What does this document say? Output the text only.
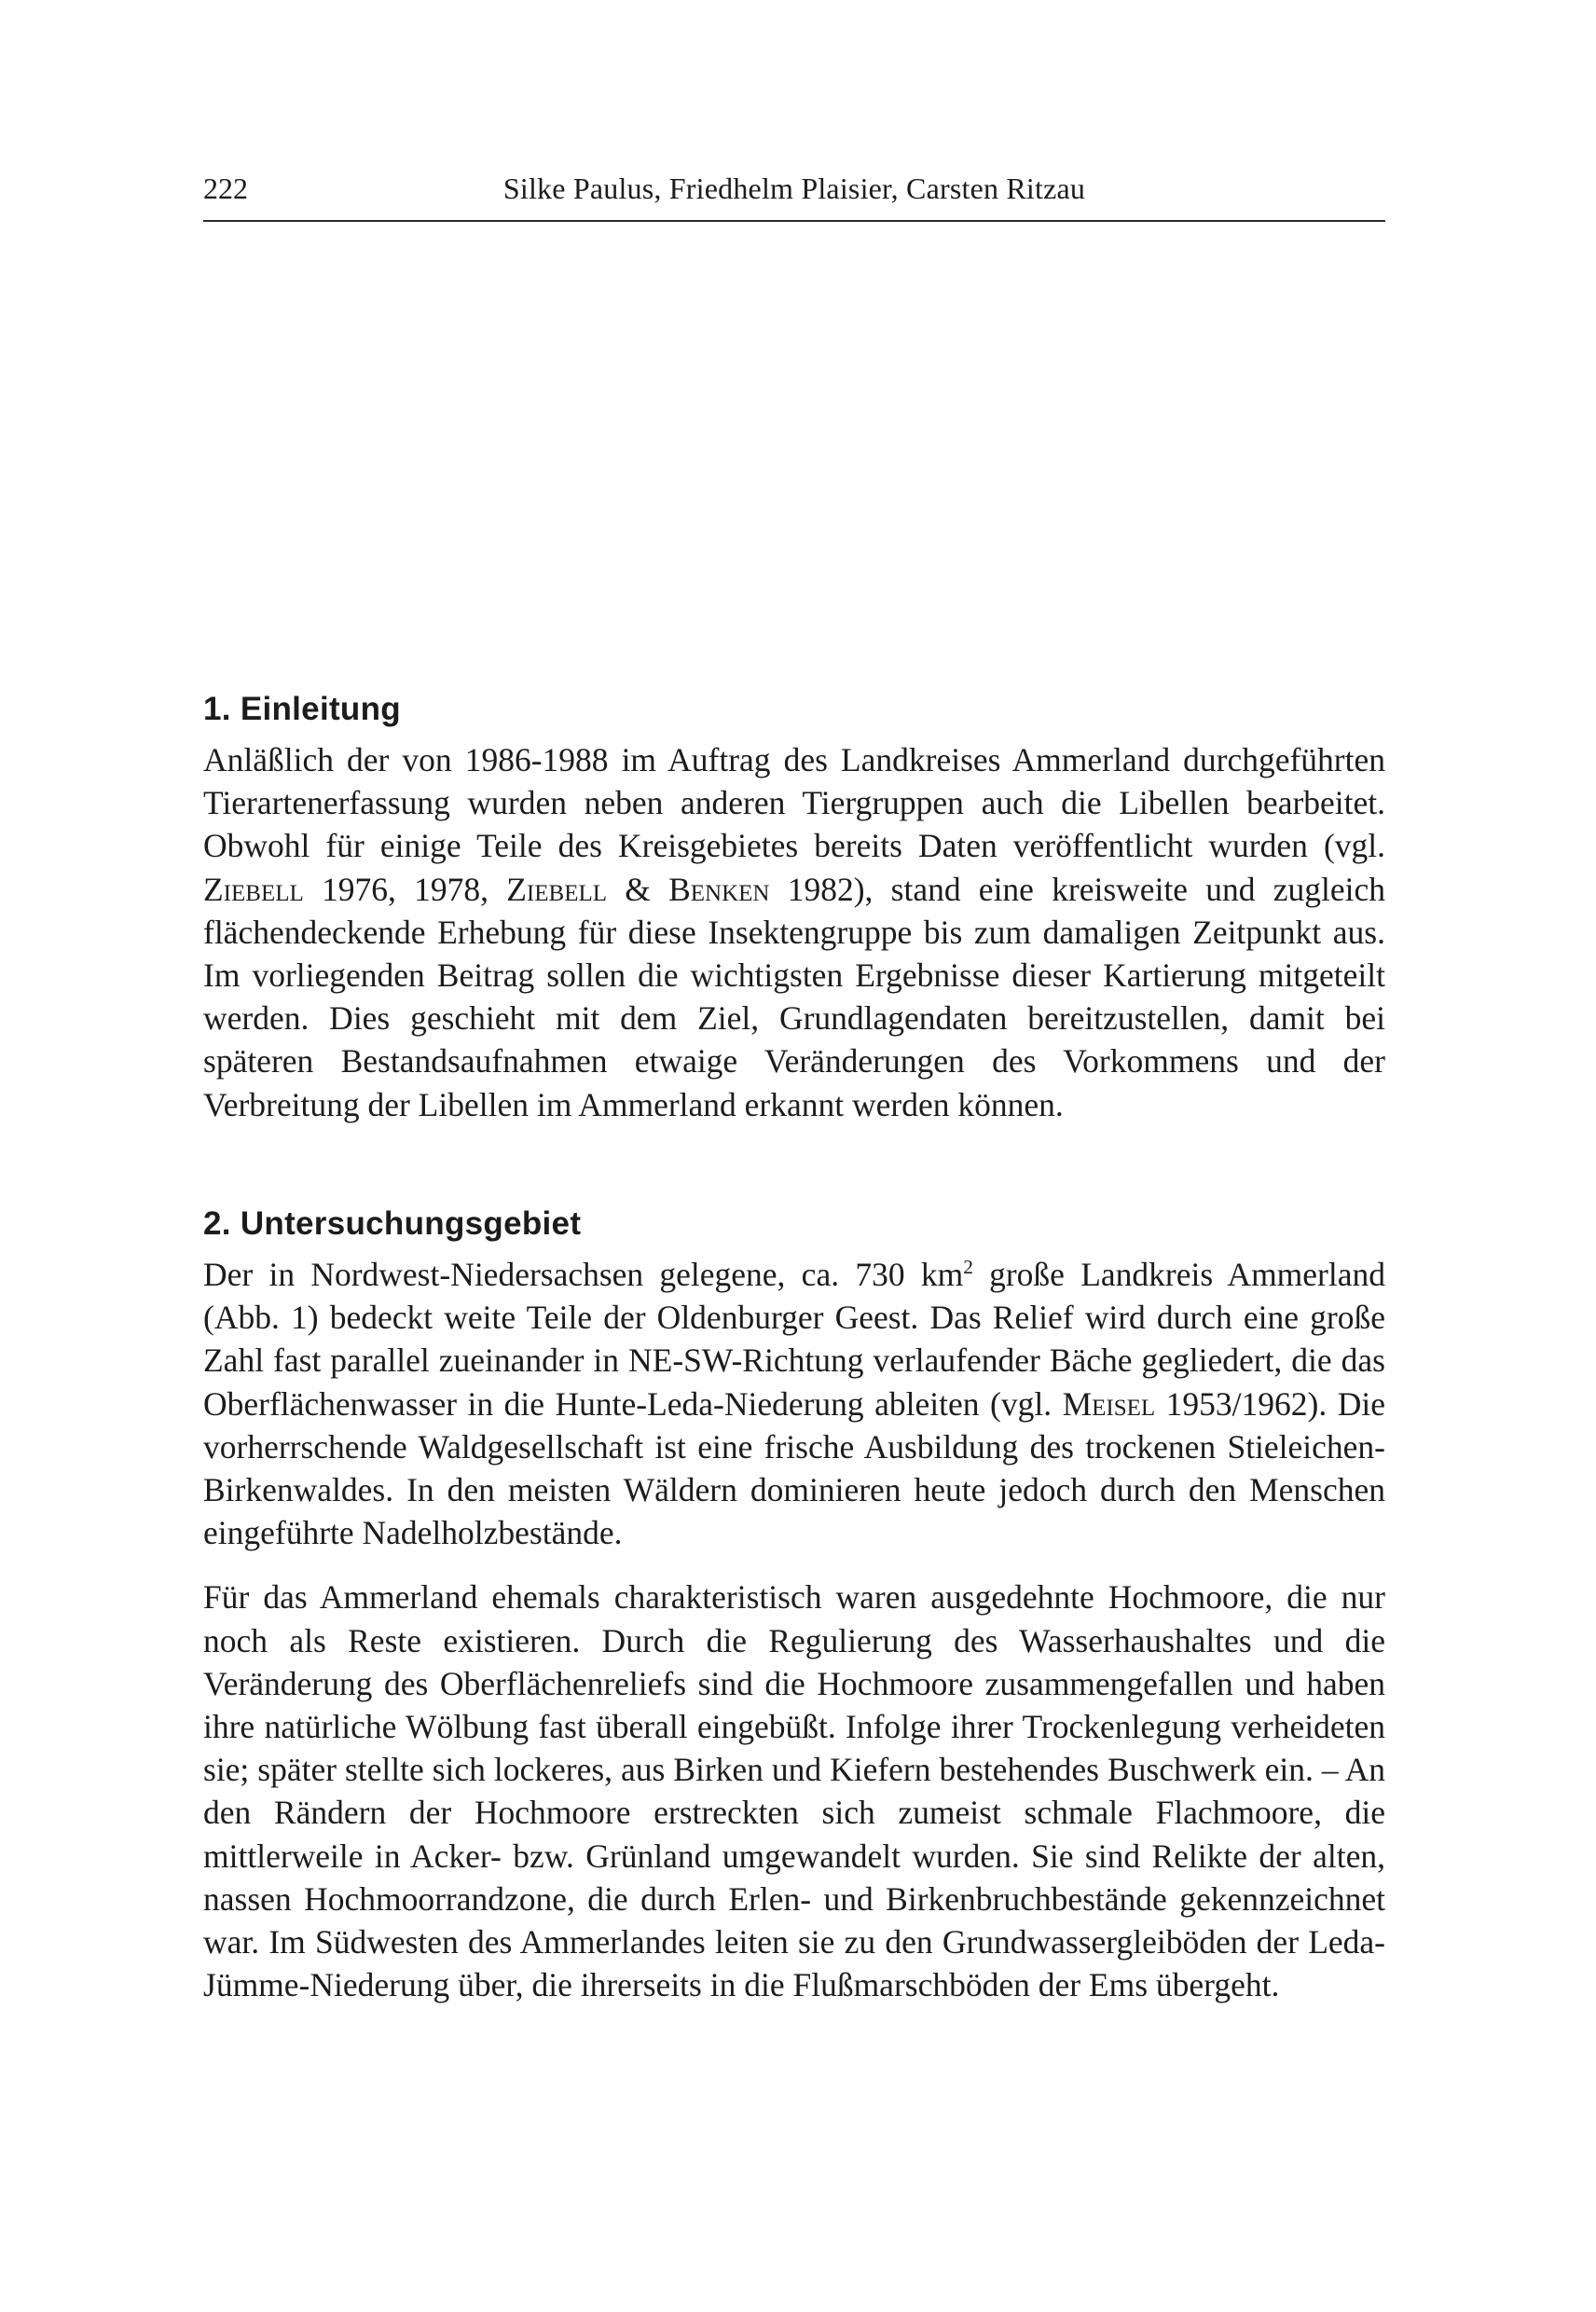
222	Silke Paulus, Friedhelm Plaisier, Carsten Ritzau
1. Einleitung

Anläßlich der von 1986-1988 im Auftrag des Landkreises Ammerland durchgeführten Tierartenerfassung wurden neben anderen Tiergruppen auch die Libellen bearbeitet. Obwohl für einige Teile des Kreisgebietes bereits Daten veröffentlicht wurden (vgl. Ziebell 1976, 1978, Ziebell & Benken 1982), stand eine kreisweite und zugleich flächendeckende Erhebung für diese Insektengruppe bis zum damaligen Zeitpunkt aus. Im vorliegenden Beitrag sollen die wichtigsten Ergebnisse dieser Kartierung mitgeteilt werden. Dies geschieht mit dem Ziel, Grundlagendaten bereitzustellen, damit bei späteren Bestandsaufnahmen etwaige Veränderungen des Vorkommens und der Verbreitung der Libellen im Ammerland erkannt werden können.

2. Untersuchungsgebiet

Der in Nordwest-Niedersachsen gelegene, ca. 730 $km^2$ große Landkreis Ammerland (Abb. 1) bedeckt weite Teile der Oldenburger Geest. Das Relief wird durch eine große Zahl fast parallel zueinander in NE-SW-Richtung verlaufender Bäche gegliedert, die das Oberflächenwasser in die Hunte-Leda-Niederung ableiten (vgl. Meisel 1953/1962). Die vorherrschende Waldgesellschaft ist eine frische Ausbildung des trockenen Stieleichen-Birkenwaldes. In den meisten Wäldern dominieren heute jedoch durch den Menschen eingeführte Nadelholzbestände.

Für das Ammerland ehemals charakteristisch waren ausgedehnte Hochmoore, die nur noch als Reste existieren. Durch die Regulierung des Wasserhaushaltes und die Veränderung des Oberflächenreliefs sind die Hochmoore zusammengefallen und haben ihre natürliche Wölbung fast überall eingebüßt. Infolge ihrer Trockenlegung verheideten sie; später stellte sich lockeres, aus Birken und Kiefern bestehendes Buschwerk ein. – An den Rändern der Hochmoore erstreckten sich zumeist schmale Flachmoore, die mittlerweile in Acker- bzw. Grünland umgewandelt wurden. Sie sind Relikte der alten, nassen Hochmoorrandzone, die durch Erlen- und Birkenbruchbestände gekennzeichnet war. Im Südwesten des Ammerlandes leiten sie zu den Grundwassergleiböden der Leda-Jümme-Niederung über, die ihrerseits in die Flußmarschböden der Ems übergeht.
